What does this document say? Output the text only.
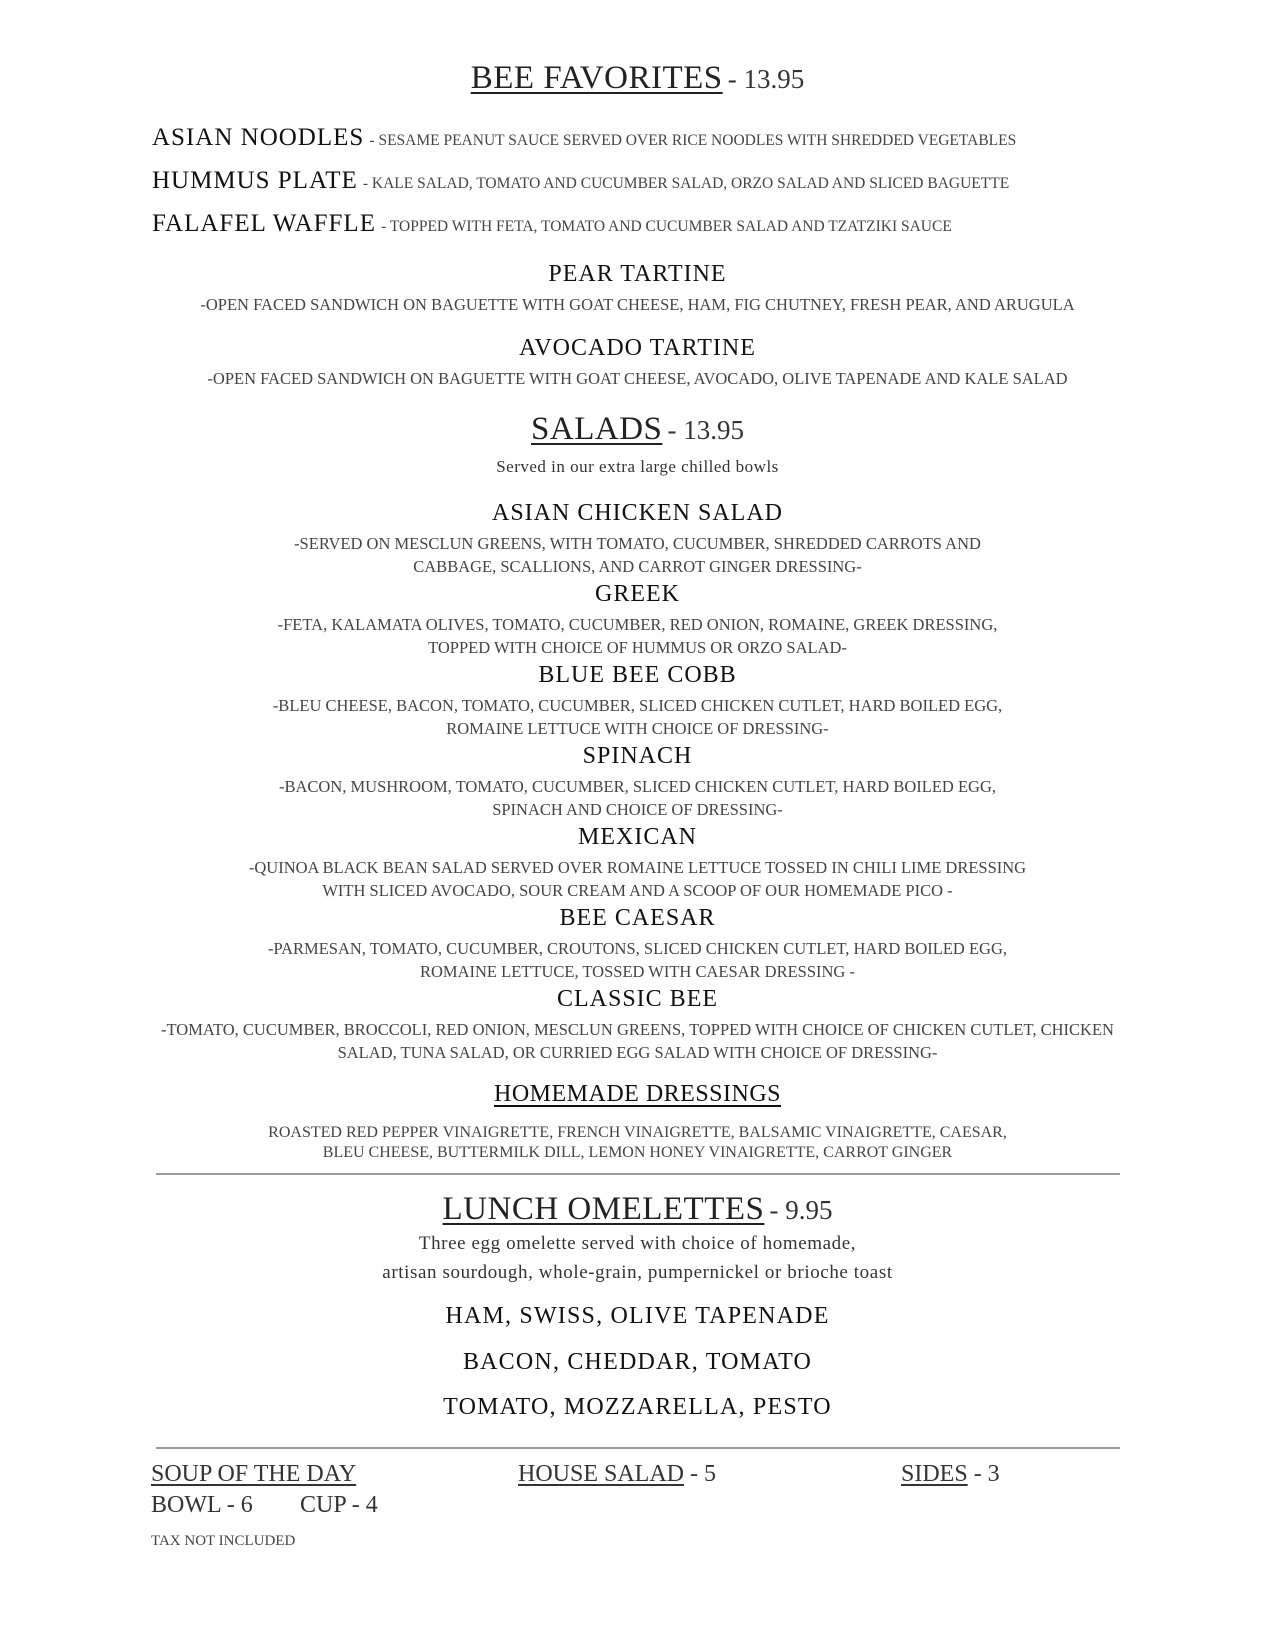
BEE FAVORITES - 13.95
ASIAN NOODLES - SESAME PEANUT SAUCE SERVED OVER RICE NOODLES WITH SHREDDED VEGETABLES
HUMMUS PLATE - KALE SALAD, TOMATO AND CUCUMBER SALAD, ORZO SALAD AND SLICED BAGUETTE
FALAFEL WAFFLE - TOPPED WITH FETA, TOMATO AND CUCUMBER SALAD AND TZATZIKI SAUCE
PEAR TARTINE
-OPEN FACED SANDWICH ON BAGUETTE WITH GOAT CHEESE, HAM, FIG CHUTNEY, FRESH PEAR, AND ARUGULA
AVOCADO TARTINE
-OPEN FACED SANDWICH ON BAGUETTE WITH GOAT CHEESE, AVOCADO, OLIVE TAPENADE AND KALE SALAD
SALADS - 13.95
Served in our extra large chilled bowls
ASIAN CHICKEN SALAD
-SERVED ON MESCLUN GREENS, WITH TOMATO, CUCUMBER, SHREDDED CARROTS AND
CABBAGE, SCALLIONS, AND CARROT GINGER DRESSING-
GREEK
-FETA, KALAMATA OLIVES, TOMATO, CUCUMBER, RED ONION, ROMAINE, GREEK DRESSING,
TOPPED WITH CHOICE OF HUMMUS OR ORZO SALAD-
BLUE BEE COBB
-BLEU CHEESE, BACON, TOMATO, CUCUMBER, SLICED CHICKEN CUTLET, HARD BOILED EGG,
ROMAINE LETTUCE WITH CHOICE OF DRESSING-
SPINACH
-BACON, MUSHROOM, TOMATO, CUCUMBER, SLICED CHICKEN CUTLET, HARD BOILED EGG,
SPINACH AND CHOICE OF DRESSING-
MEXICAN
-QUINOA BLACK BEAN SALAD SERVED OVER ROMAINE LETTUCE TOSSED IN CHILI LIME DRESSING
WITH SLICED AVOCADO, SOUR CREAM AND A SCOOP OF OUR HOMEMADE PICO -
BEE CAESAR
-PARMESAN, TOMATO, CUCUMBER, CROUTONS, SLICED CHICKEN CUTLET, HARD BOILED EGG,
ROMAINE LETTUCE, TOSSED WITH CAESAR DRESSING -
CLASSIC BEE
-TOMATO, CUCUMBER, BROCCOLI, RED ONION, MESCLUN GREENS, TOPPED WITH CHOICE OF CHICKEN CUTLET, CHICKEN
SALAD, TUNA SALAD, OR CURRIED EGG SALAD WITH CHOICE OF DRESSING-
HOMEMADE DRESSINGS
ROASTED RED PEPPER VINAIGRETTE, FRENCH VINAIGRETTE, BALSAMIC VINAIGRETTE, CAESAR,
BLEU CHEESE, BUTTERMILK DILL, LEMON HONEY VINAIGRETTE, CARROT GINGER
LUNCH OMELETTES - 9.95
Three egg omelette served with choice of homemade,
artisan sourdough, whole-grain, pumpernickel or brioche toast
HAM, SWISS, OLIVE TAPENADE
BACON, CHEDDAR, TOMATO
TOMATO, MOZZARELLA, PESTO
SOUP OF THE DAY
BOWL - 6 CUP - 4
HOUSE SALAD - 5	SIDES - 3
TAX NOT INCLUDED
